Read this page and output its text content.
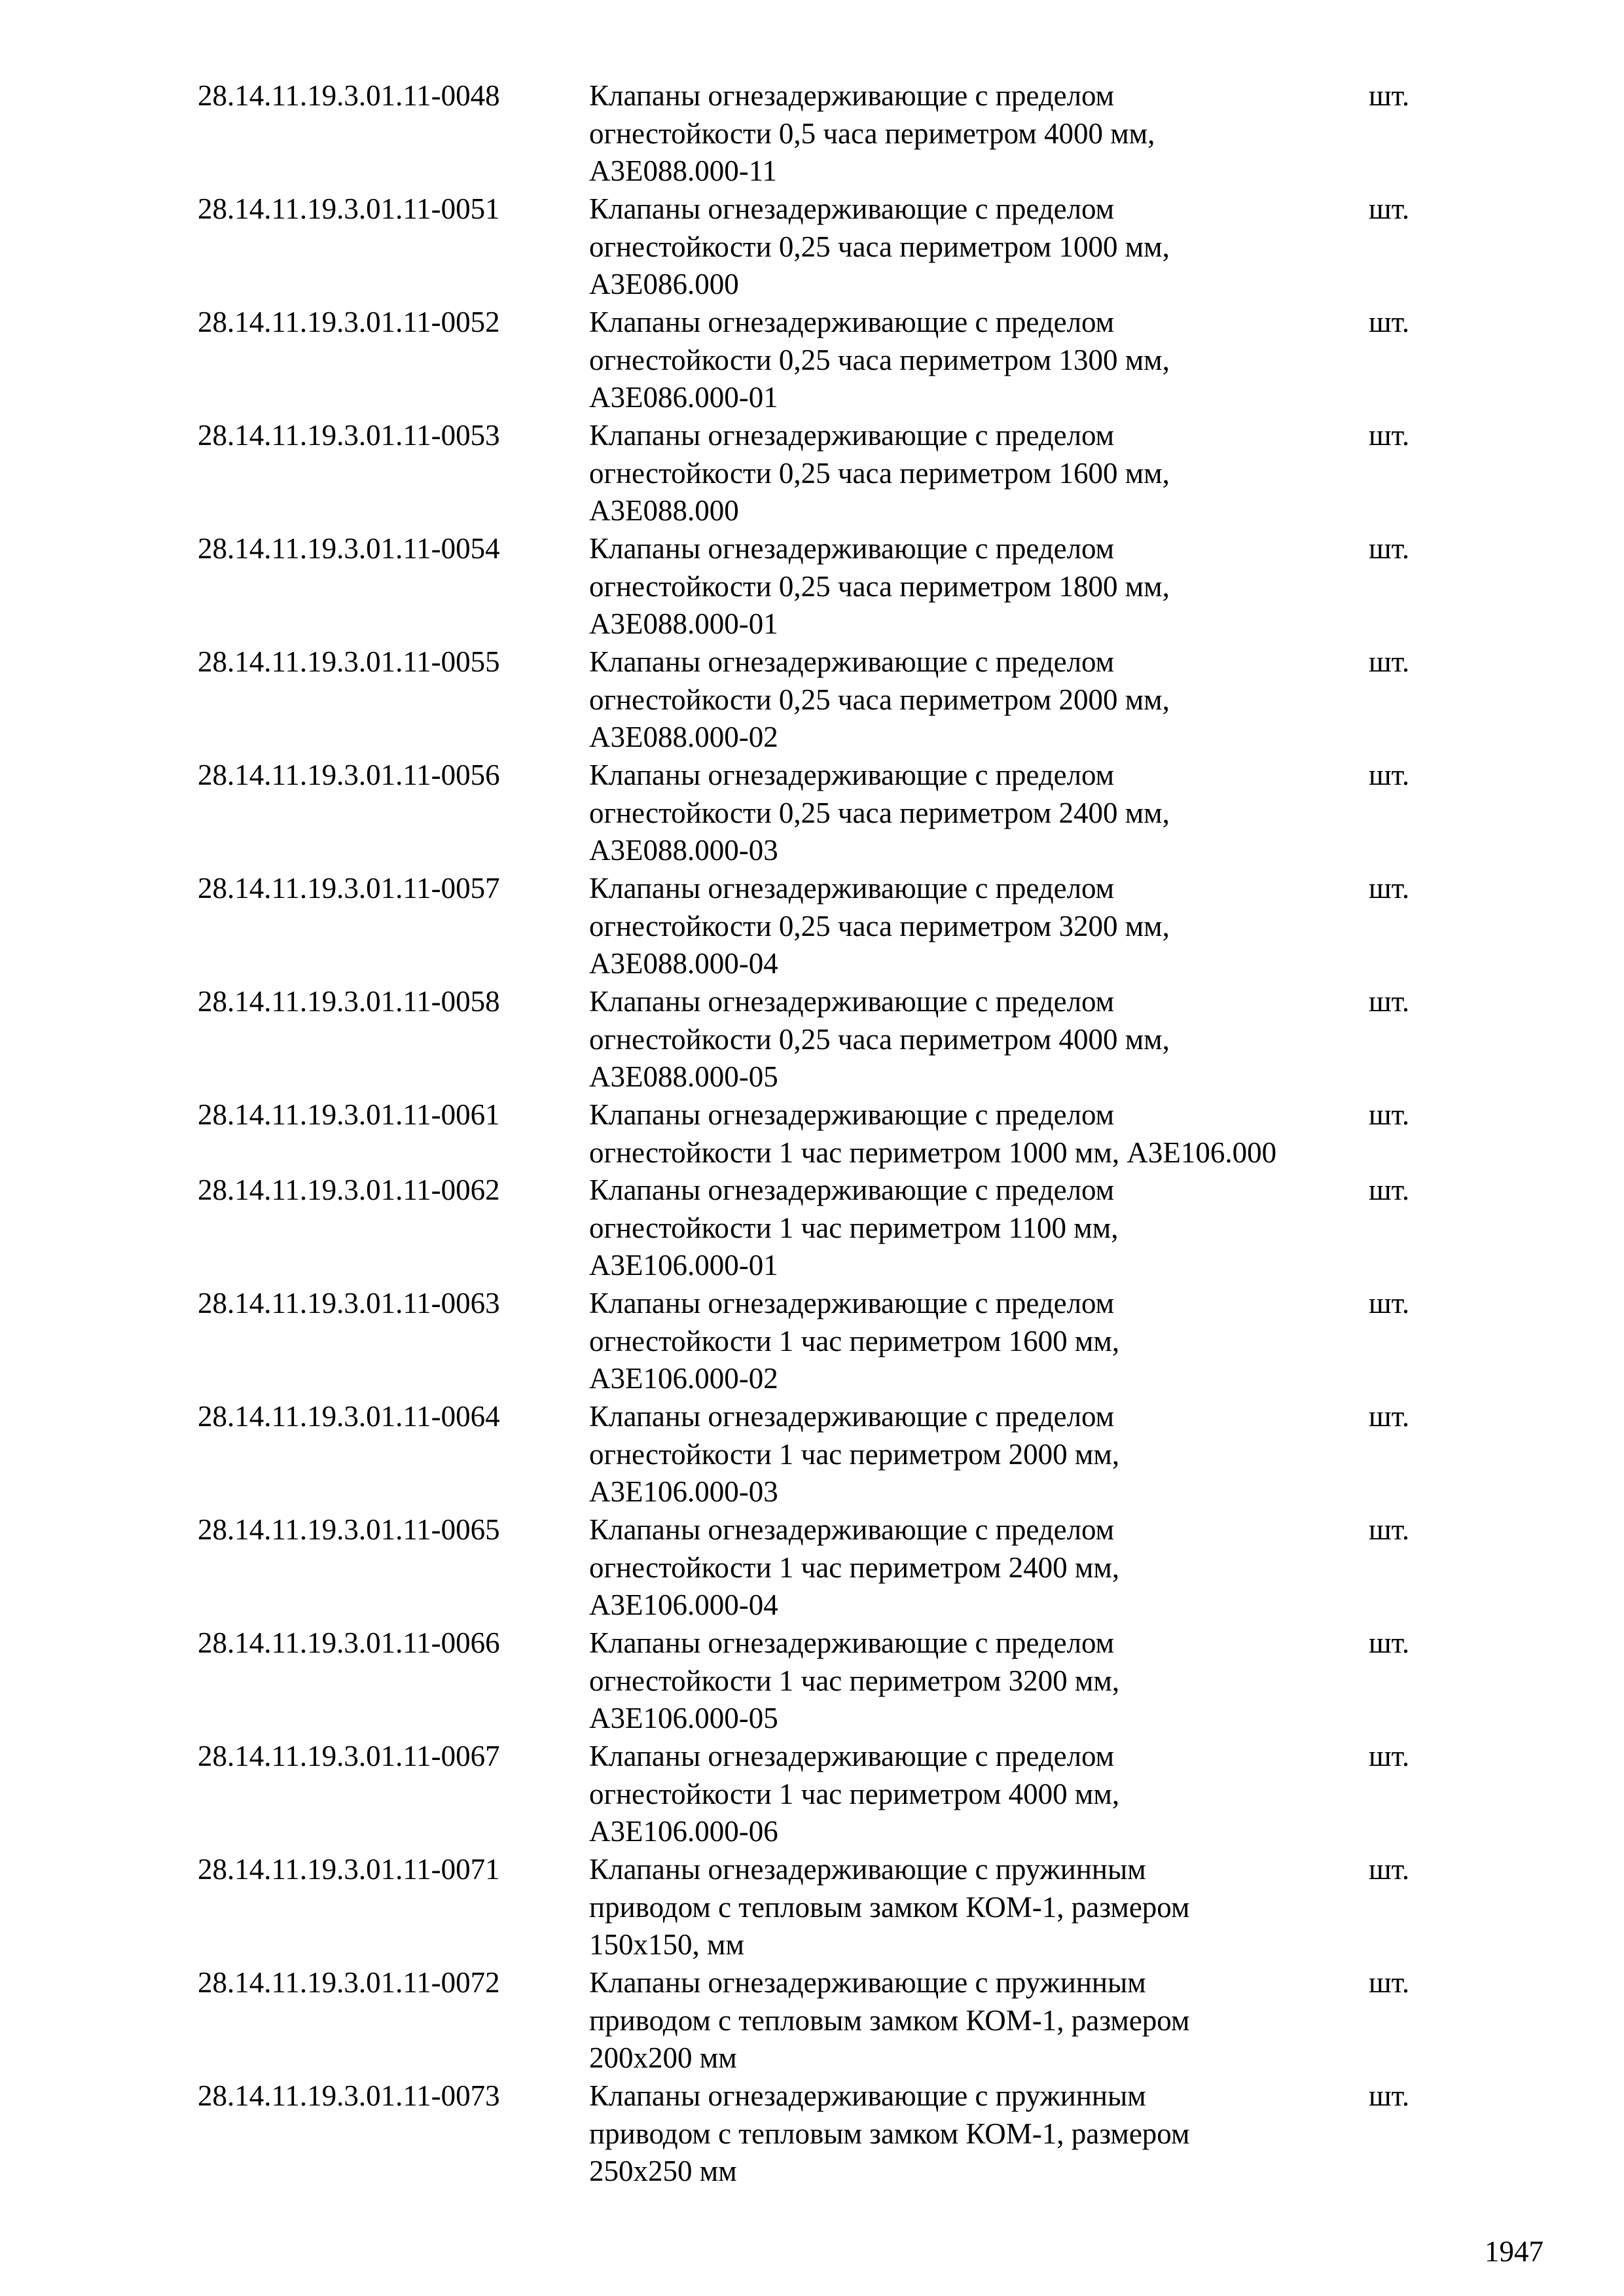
28.14.11.19.3.01.11-0048	Клапаны огнезадерживающие с пределом
огнестойкости 0,5 часа периметром 4000 мм,
А3Е088.000-11
шт.
28.14.11.19.3.01.11-0051	Клапаны огнезадерживающие с пределом
огнестойкости 0,25 часа периметром 1000 мм,
А3Е086.000
шт.
28.14.11.19.3.01.11-0052	Клапаны огнезадерживающие с пределом
огнестойкости 0,25 часа периметром 1300 мм,
А3Е086.000-01
шт.
28.14.11.19.3.01.11-0053	Клапаны огнезадерживающие с пределом
огнестойкости 0,25 часа периметром 1600 мм,
А3Е088.000
шт.
28.14.11.19.3.01.11-0054	Клапаны огнезадерживающие с пределом
огнестойкости 0,25 часа периметром 1800 мм,
А3Е088.000-01
шт.
28.14.11.19.3.01.11-0055	Клапаны огнезадерживающие с пределом
огнестойкости 0,25 часа периметром 2000 мм,
А3Е088.000-02
шт.
28.14.11.19.3.01.11-0056	Клапаны огнезадерживающие с пределом
огнестойкости 0,25 часа периметром 2400 мм,
А3Е088.000-03
шт.
28.14.11.19.3.01.11-0057	Клапаны огнезадерживающие с пределом
огнестойкости 0,25 часа периметром 3200 мм,
А3Е088.000-04
шт.
28.14.11.19.3.01.11-0058	Клапаны огнезадерживающие с пределом
огнестойкости 0,25 часа периметром 4000 мм,
А3Е088.000-05
шт.
28.14.11.19.3.01.11-0061	Клапаны огнезадерживающие с пределом
огнестойкости 1 час периметром 1000 мм, А3Е106.000
шт.
28.14.11.19.3.01.11-0062	Клапаны огнезадерживающие с пределом
огнестойкости 1 час периметром 1100 мм,
А3Е106.000-01
шт.
28.14.11.19.3.01.11-0063	Клапаны огнезадерживающие с пределом
огнестойкости 1 час периметром 1600 мм,
А3Е106.000-02
шт.
28.14.11.19.3.01.11-0064	Клапаны огнезадерживающие с пределом
огнестойкости 1 час периметром 2000 мм,
А3Е106.000-03
шт.
28.14.11.19.3.01.11-0065	Клапаны огнезадерживающие с пределом
огнестойкости 1 час периметром 2400 мм,
А3Е106.000-04
шт.
28.14.11.19.3.01.11-0066	Клапаны огнезадерживающие с пределом
огнестойкости 1 час периметром 3200 мм,
А3Е106.000-05
шт.
28.14.11.19.3.01.11-0067	Клапаны огнезадерживающие с пределом
огнестойкости 1 час периметром 4000 мм,
А3Е106.000-06
шт.
28.14.11.19.3.01.11-0071	Клапаны огнезадерживающие с пружинным
приводом с тепловым замком КОМ-1, размером
150x150, мм
шт.
28.14.11.19.3.01.11-0072	Клапаны огнезадерживающие с пружинным
приводом с тепловым замком КОМ-1, размером
200x200 мм
шт.
28.14.11.19.3.01.11-0073	Клапаны огнезадерживающие с пружинным
приводом с тепловым замком КОМ-1, размером
250x250 мм
шт.
1947
